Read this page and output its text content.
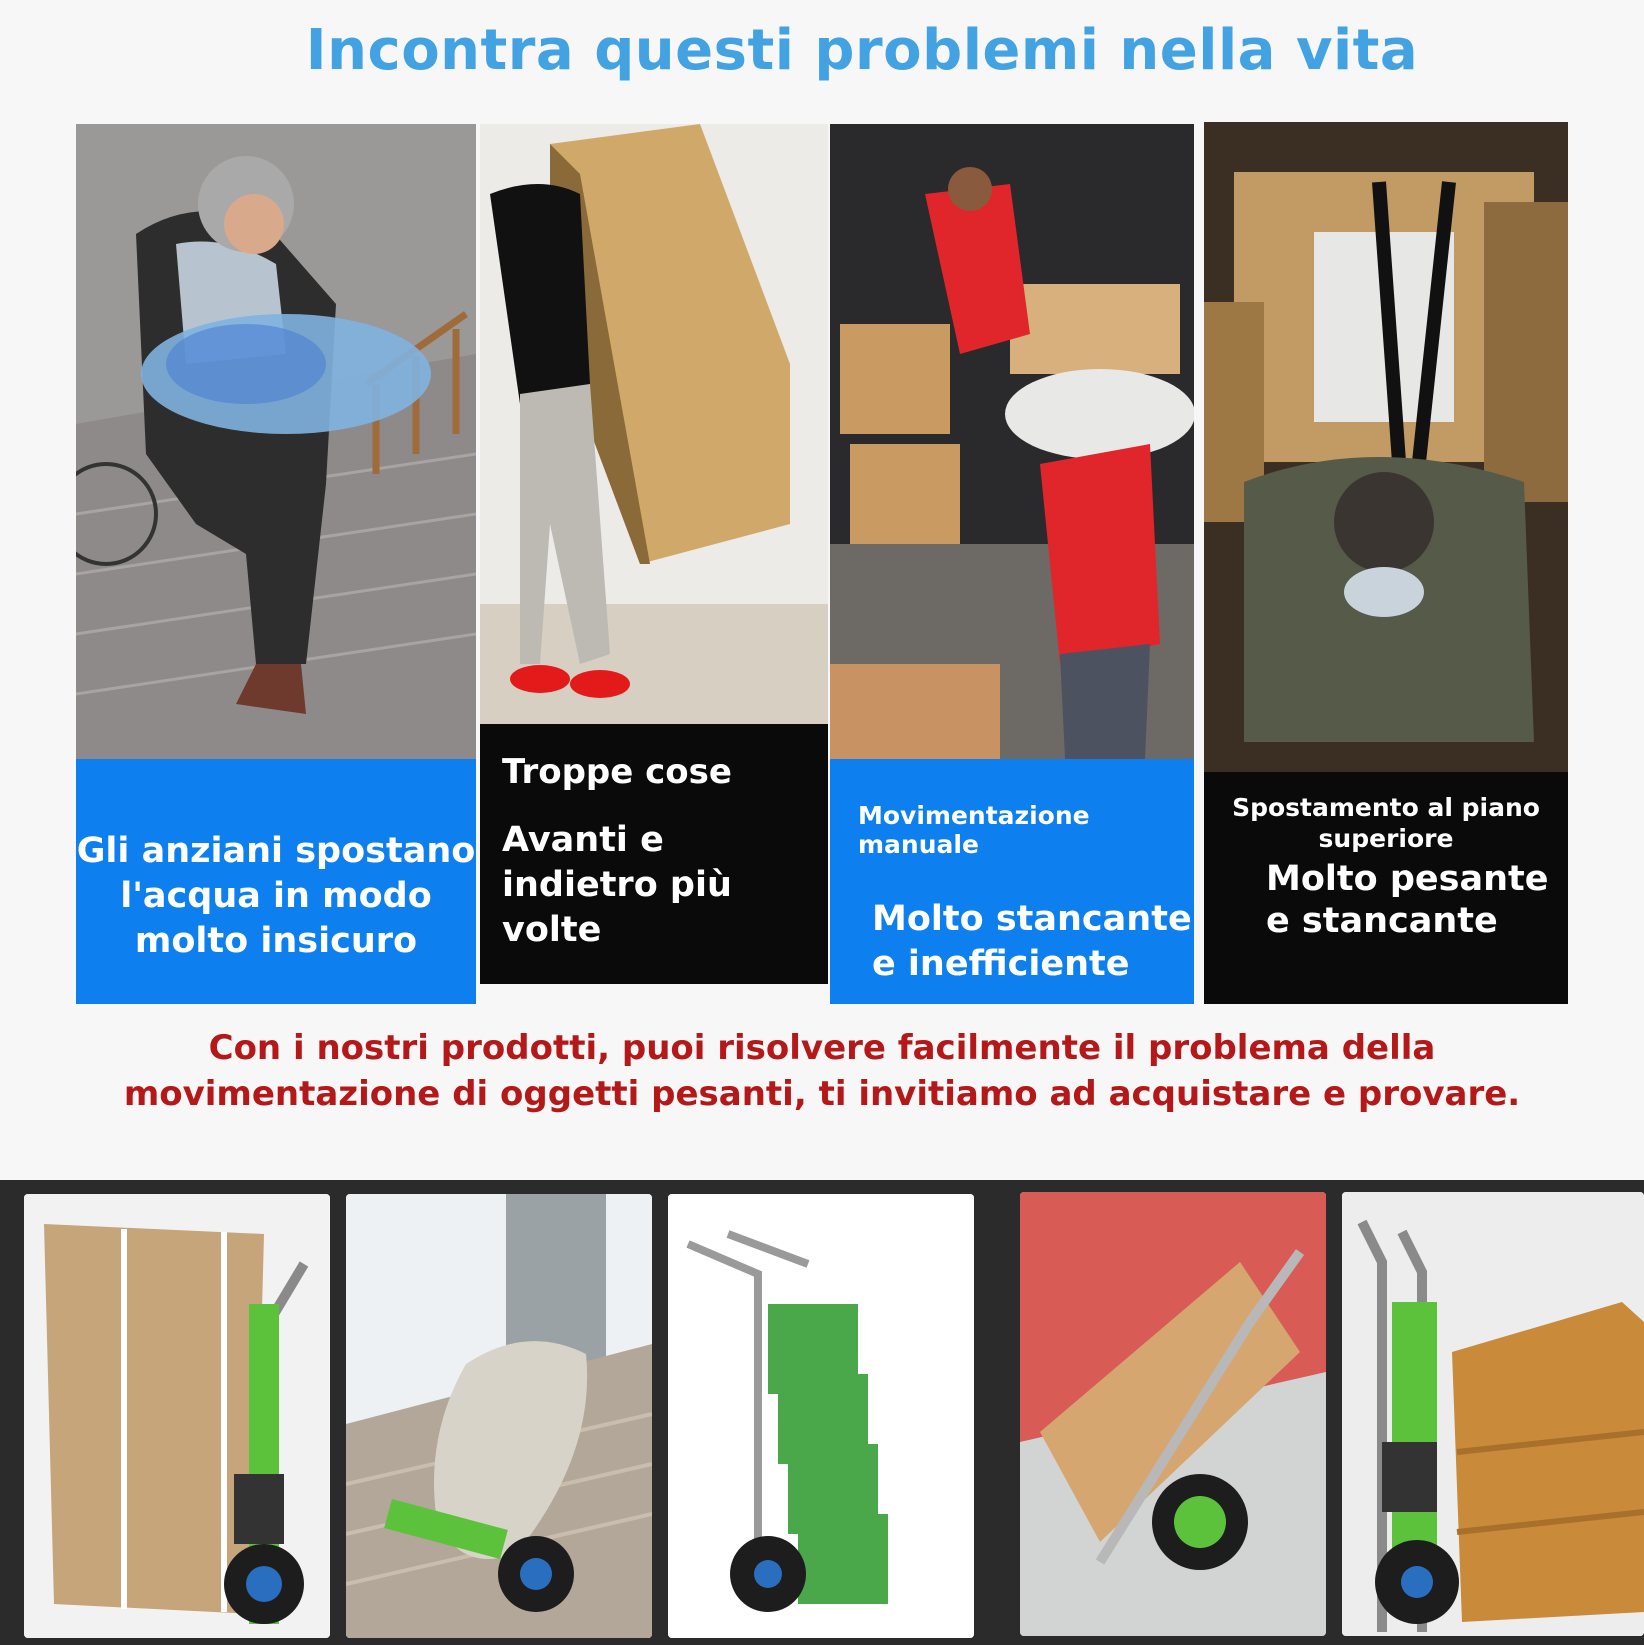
Incontra questi problemi nella vita
Gli anziani spostano l'acqua in modo molto insicuro
Troppe cose
Avanti e indietro più volte
Movimentazione manuale
Molto stancante e inefficiente
Spostamento al piano superiore
Molto pesante e stancante
Con i nostri prodotti, puoi risolvere facilmente il problema della movimentazione di oggetti pesanti, ti invitiamo ad acquistare e provare.
